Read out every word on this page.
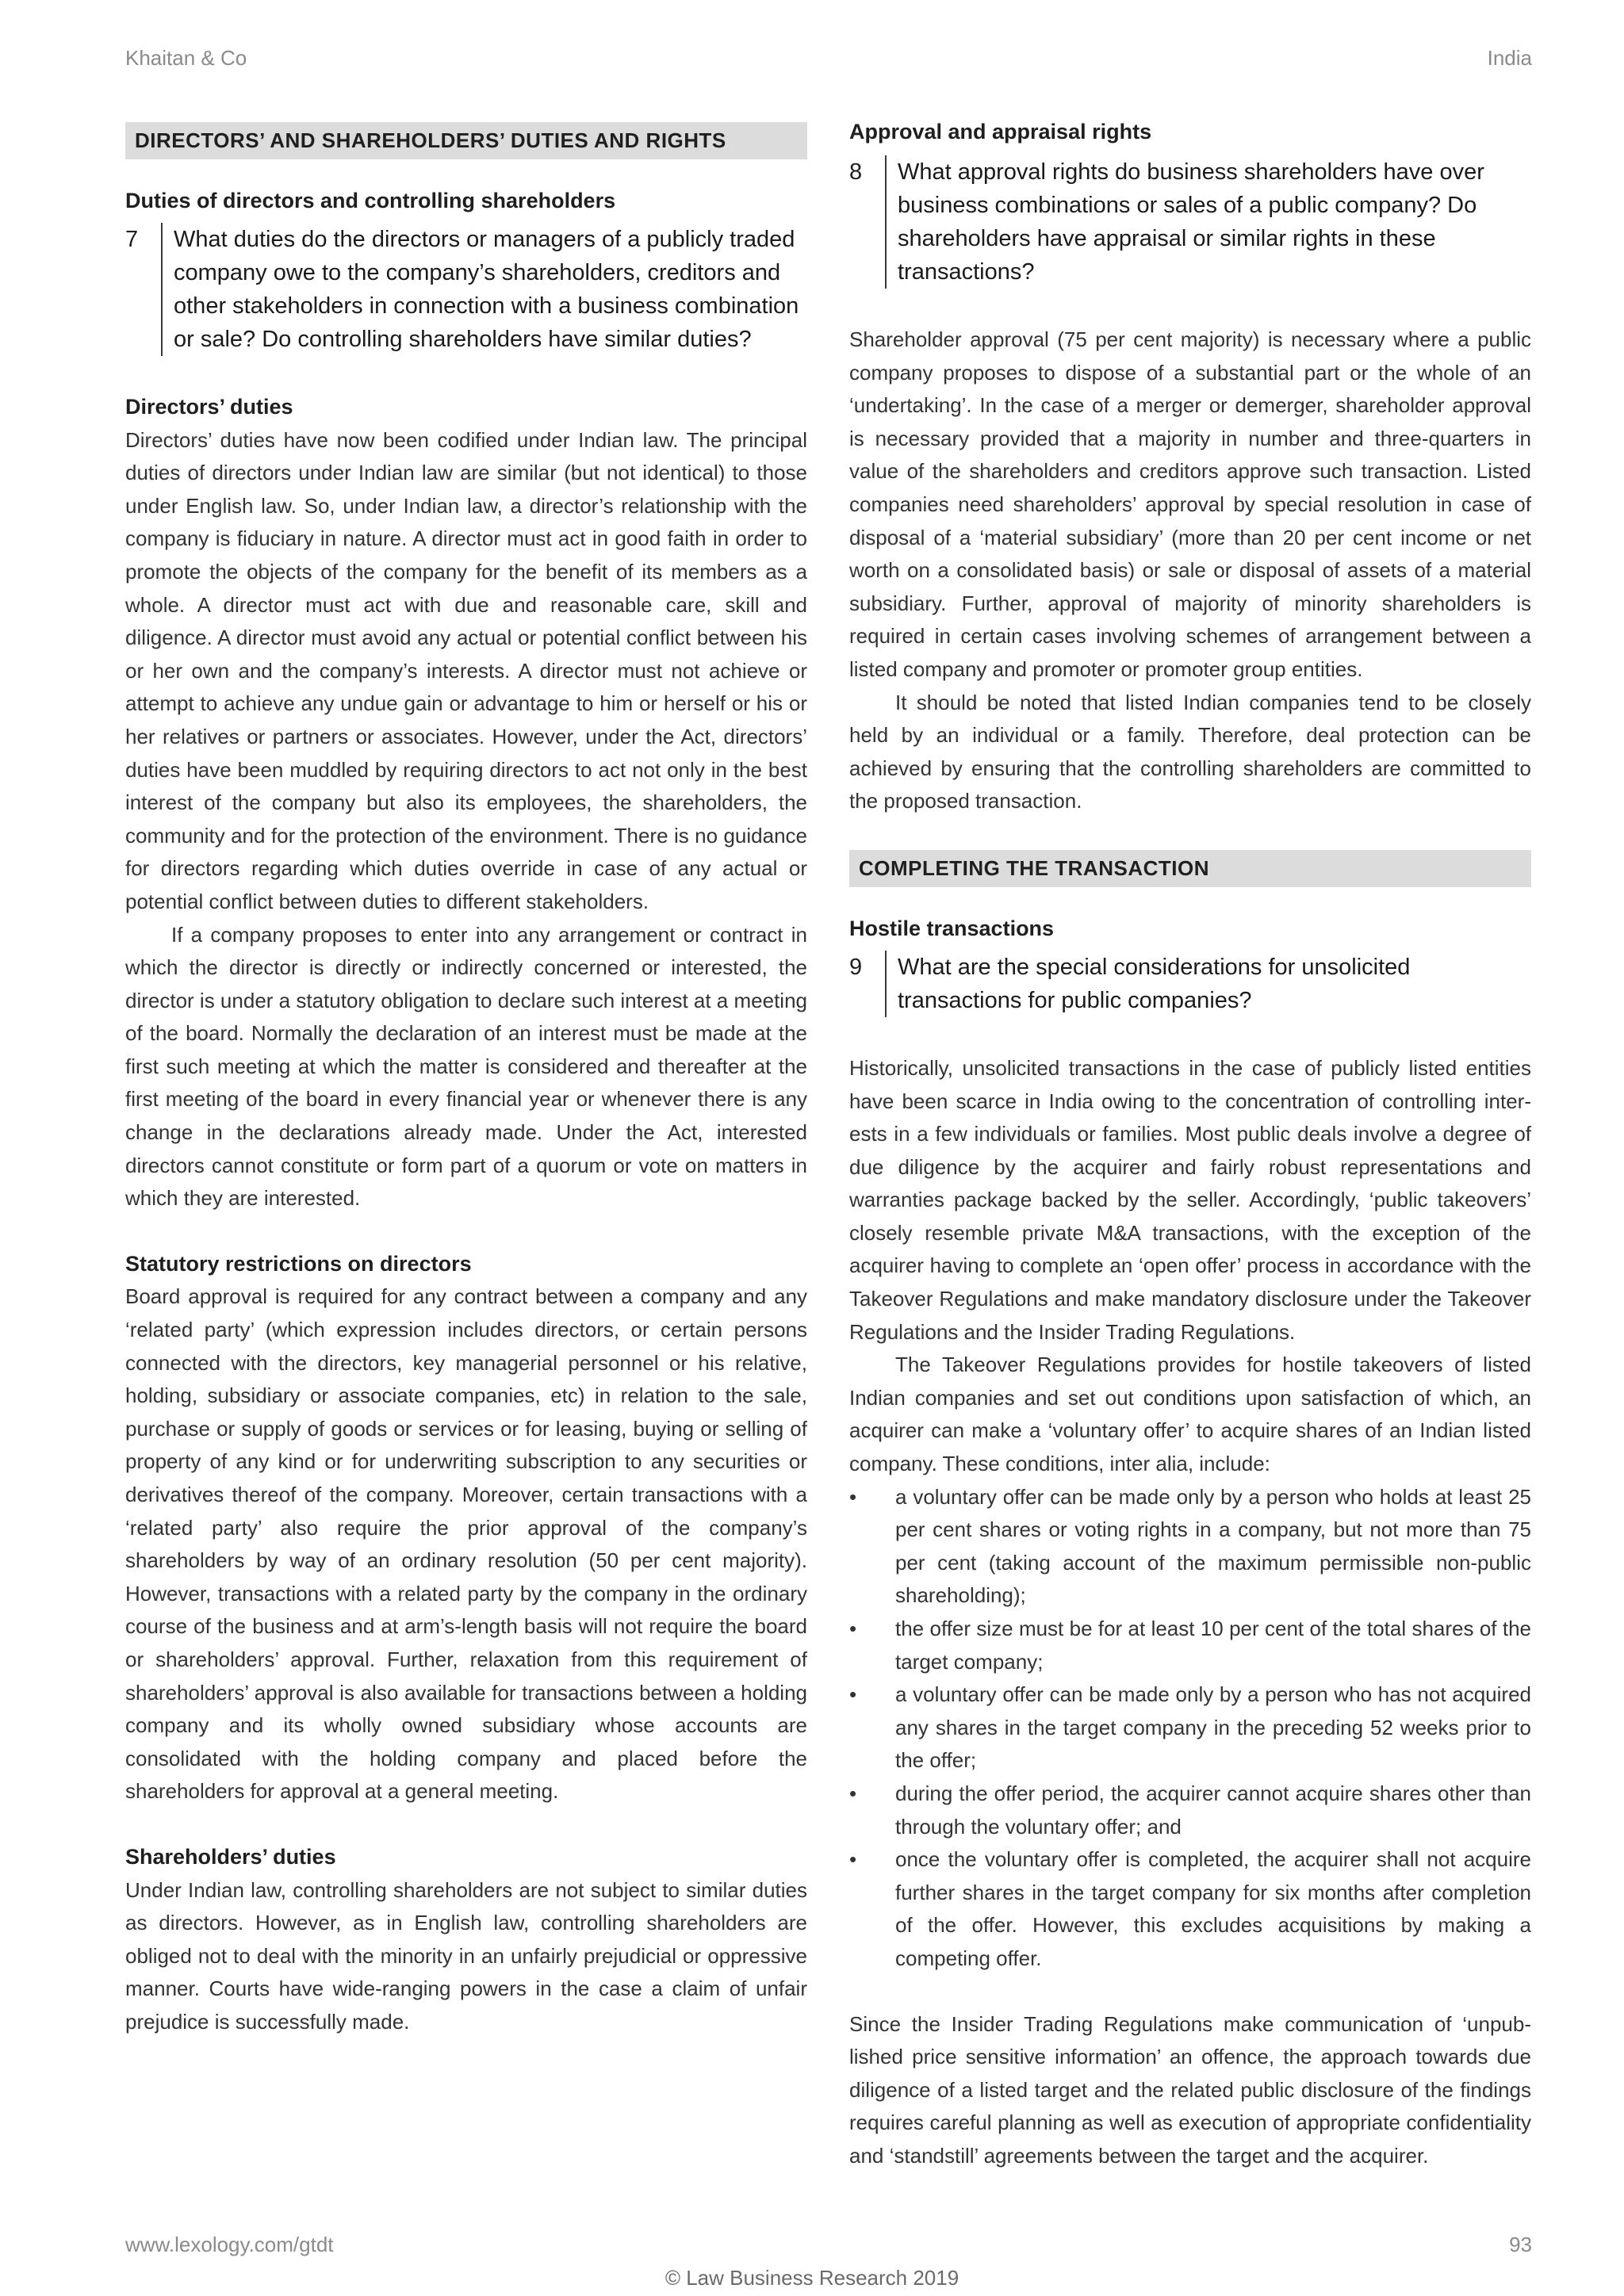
Khaitan & Co	India
DIRECTORS’ AND SHAREHOLDERS’ DUTIES AND RIGHTS
Duties of directors and controlling shareholders
7	What duties do the directors or managers of a publicly traded company owe to the company’s shareholders, creditors and other stakeholders in connection with a business combination or sale? Do controlling shareholders have similar duties?
Directors’ duties

Directors’ duties have now been codified under Indian law. The principal duties of directors under Indian law are similar (but not identical) to those under English law. So, under Indian law, a director’s relationship with the company is fiduciary in nature. A director must act in good faith in order to promote the objects of the company for the benefit of its members as a whole. A director must act with due and reasonable care, skill and diligence. A director must avoid any actual or potential conflict between his or her own and the company’s interests. A director must not achieve or attempt to achieve any undue gain or advantage to him or herself or his or her relatives or partners or associates. However, under the Act, directors’ duties have been muddled by requiring directors to act not only in the best interest of the company but also its employees, the shareholders, the community and for the protection of the environment. There is no guidance for directors regarding which duties override in case of any actual or potential conflict between duties to different stakeholders.

If a company proposes to enter into any arrangement or contract in which the director is directly or indirectly concerned or interested, the director is under a statutory obligation to declare such interest at a meeting of the board. Normally the declaration of an interest must be made at the first such meeting at which the matter is considered and thereafter at the first meeting of the board in every financial year or whenever there is any change in the declarations already made. Under the Act, interested directors cannot constitute or form part of a quorum or vote on matters in which they are interested.

Statutory restrictions on directors

Board approval is required for any contract between a company and any ‘related party’ (which expression includes directors, or certain persons connected with the directors, key managerial personnel or his relative, holding, subsidiary or associate companies, etc) in relation to the sale, purchase or supply of goods or services or for leasing, buying or selling of property of any kind or for underwriting subscription to any securities or derivatives thereof of the company. Moreover, certain transactions with a ‘related party’ also require the prior approval of the company’s shareholders by way of an ordinary resolution (50 per cent majority). However, transactions with a related party by the company in the ordinary course of the business and at arm’s-length basis will not require the board or shareholders’ approval. Further, relaxation from this requirement of shareholders’ approval is also available for transactions between a holding company and its wholly owned subsidiary whose accounts are consolidated with the holding company and placed before the shareholders for approval at a general meeting.

Shareholders’ duties

Under Indian law, controlling shareholders are not subject to similar duties as directors. However, as in English law, controlling shareholders are obliged not to deal with the minority in an unfairly prejudicial or oppressive manner. Courts have wide-ranging powers in the case a claim of unfair prejudice is successfully made.

Approval and appraisal rights
8	What approval rights do business shareholders have over business combinations or sales of a public company? Do shareholders have appraisal or similar rights in these transactions?

Shareholder approval (75 per cent majority) is necessary where a public company proposes to dispose of a substantial part or the whole of an ‘undertaking’. In the case of a merger or demerger, shareholder approval is necessary provided that a majority in number and three-quarters in value of the shareholders and creditors approve such transaction. Listed companies need shareholders’ approval by special resolution in case of disposal of a ‘material subsidiary’ (more than 20 per cent income or net worth on a consolidated basis) or sale or disposal of assets of a material subsidiary. Further, approval of majority of minority shareholders is required in certain cases involving schemes of arrangement between a listed company and promoter or promoter group entities.

It should be noted that listed Indian companies tend to be closely held by an individual or a family. Therefore, deal protection can be achieved by ensuring that the controlling shareholders are committed to the proposed transaction.

COMPLETING THE TRANSACTION
Hostile transactions
9	What are the special considerations for unsolicited transactions for public companies?

Historically, unsolicited transactions in the case of publicly listed entities have been scarce in India owing to the concentration of controlling interests in a few individuals or families. Most public deals involve a degree of due diligence by the acquirer and fairly robust representations and warranties package backed by the seller. Accordingly, ‘public takeovers’ closely resemble private M&A transactions, with the exception of the acquirer having to complete an ‘open offer’ process in accordance with the Takeover Regulations and make mandatory disclosure under the Takeover Regulations and the Insider Trading Regulations.

The Takeover Regulations provides for hostile takeovers of listed Indian companies and set out conditions upon satisfaction of which, an acquirer can make a ‘voluntary offer’ to acquire shares of an Indian listed company. These conditions, inter alia, include:

• a voluntary offer can be made only by a person who holds at least 25 per cent shares or voting rights in a company, but not more than 75 per cent (taking account of the maximum permissible non-public shareholding);
• the offer size must be for at least 10 per cent of the total shares of the target company;
• a voluntary offer can be made only by a person who has not acquired any shares in the target company in the preceding 52 weeks prior to the offer;
• during the offer period, the acquirer cannot acquire shares other than through the voluntary offer; and
• once the voluntary offer is completed, the acquirer shall not acquire further shares in the target company for six months after completion of the offer. However, this excludes acquisitions by making a competing offer.

Since the Insider Trading Regulations make communication of ‘unpublished price sensitive information’ an offence, the approach towards due diligence of a listed target and the related public disclosure of the findings requires careful planning as well as execution of appropriate confidentiality and ‘standstill’ agreements between the target and the acquirer.

www.lexology.com/gtdt	93
© Law Business Research 2019
